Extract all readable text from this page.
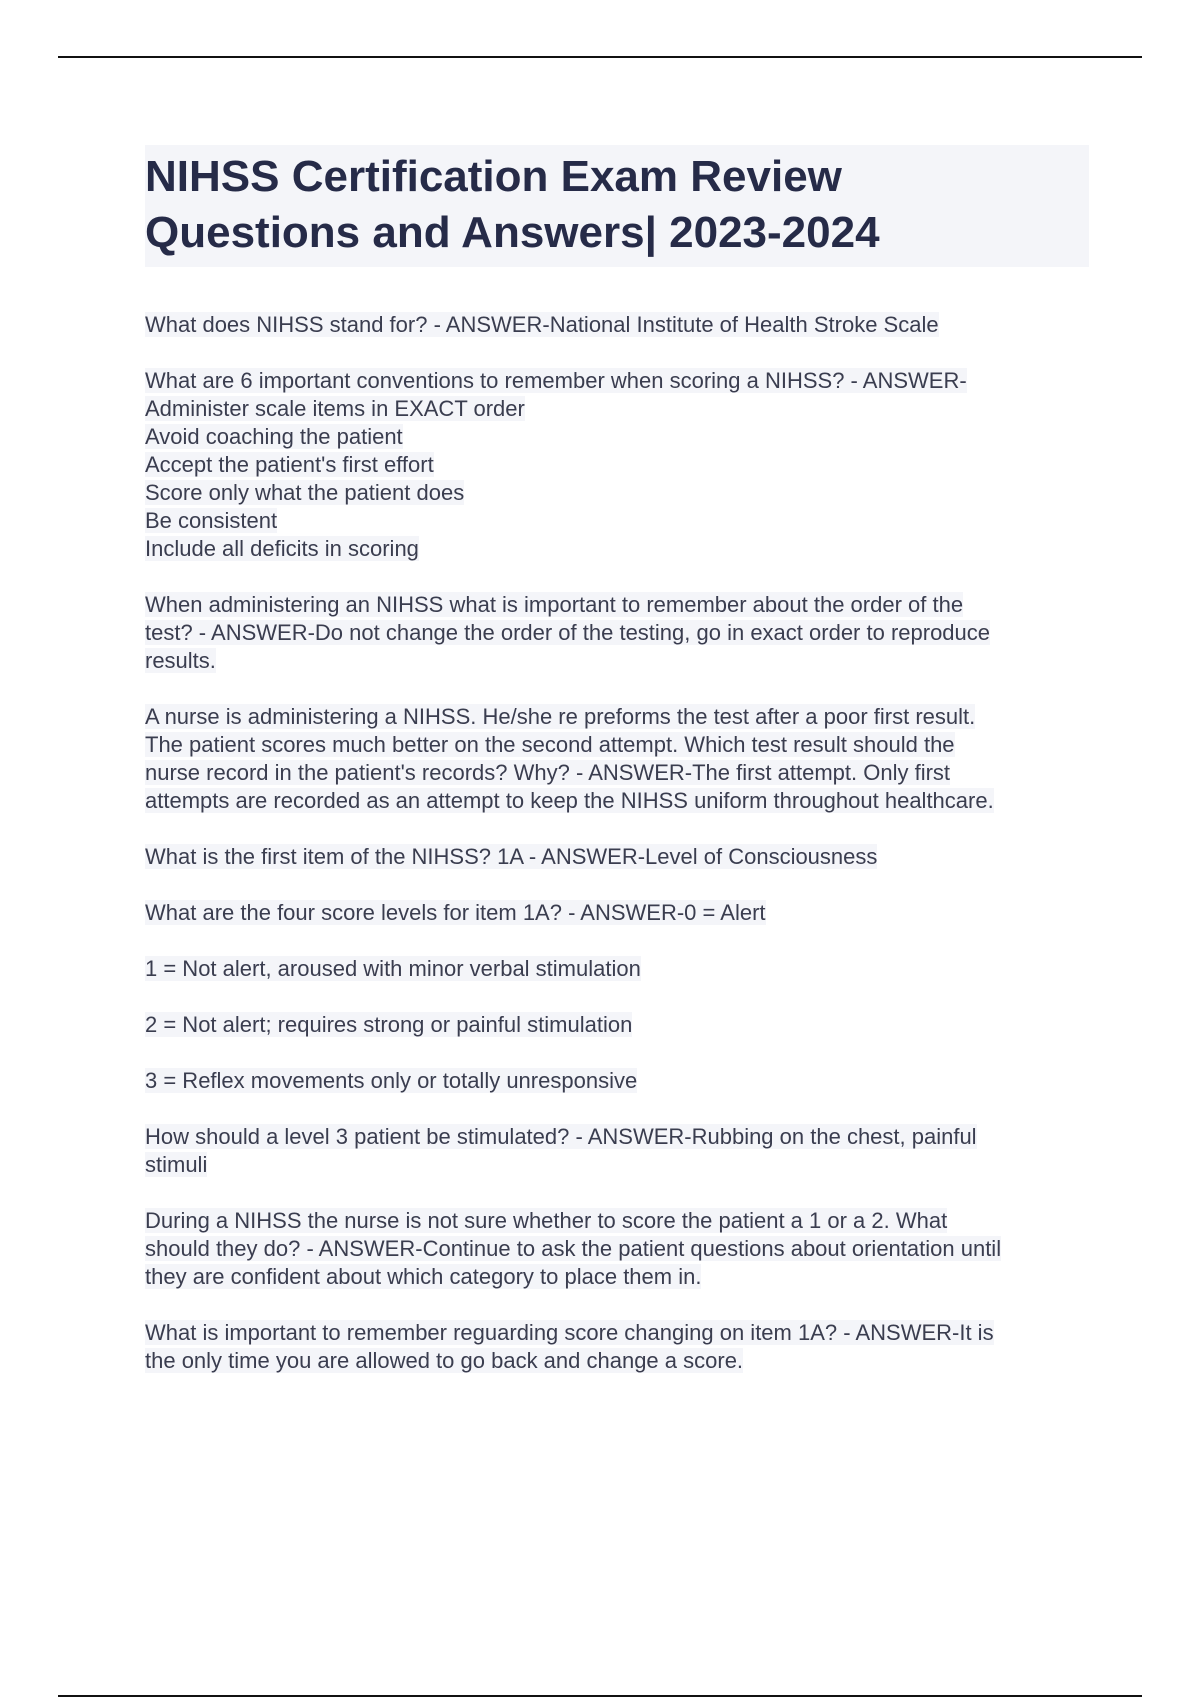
NIHSS Certification Exam Review
Questions and Answers| 2023-2024
What does NIHSS stand for? - ANSWER-National Institute of Health Stroke Scale
What are 6 important conventions to remember when scoring a NIHSS? - ANSWER-
Administer scale items in EXACT order
Avoid coaching the patient
Accept the patient's first effort
Score only what the patient does
Be consistent
Include all deficits in scoring
When administering an NIHSS what is important to remember about the order of the
test? - ANSWER-Do not change the order of the testing, go in exact order to reproduce
results.
A nurse is administering a NIHSS. He/she re preforms the test after a poor first result.
The patient scores much better on the second attempt. Which test result should the
nurse record in the patient's records? Why? - ANSWER-The first attempt. Only first
attempts are recorded as an attempt to keep the NIHSS uniform throughout healthcare.
What is the first item of the NIHSS? 1A - ANSWER-Level of Consciousness
What are the four score levels for item 1A? - ANSWER-0 = Alert
1 = Not alert, aroused with minor verbal stimulation
2 = Not alert; requires strong or painful stimulation
3 = Reflex movements only or totally unresponsive
How should a level 3 patient be stimulated? - ANSWER-Rubbing on the chest, painful
stimuli
During a NIHSS the nurse is not sure whether to score the patient a 1 or a 2. What
should they do? - ANSWER-Continue to ask the patient questions about orientation until
they are confident about which category to place them in.
What is important to remember reguarding score changing on item 1A? - ANSWER-It is
the only time you are allowed to go back and change a score.
